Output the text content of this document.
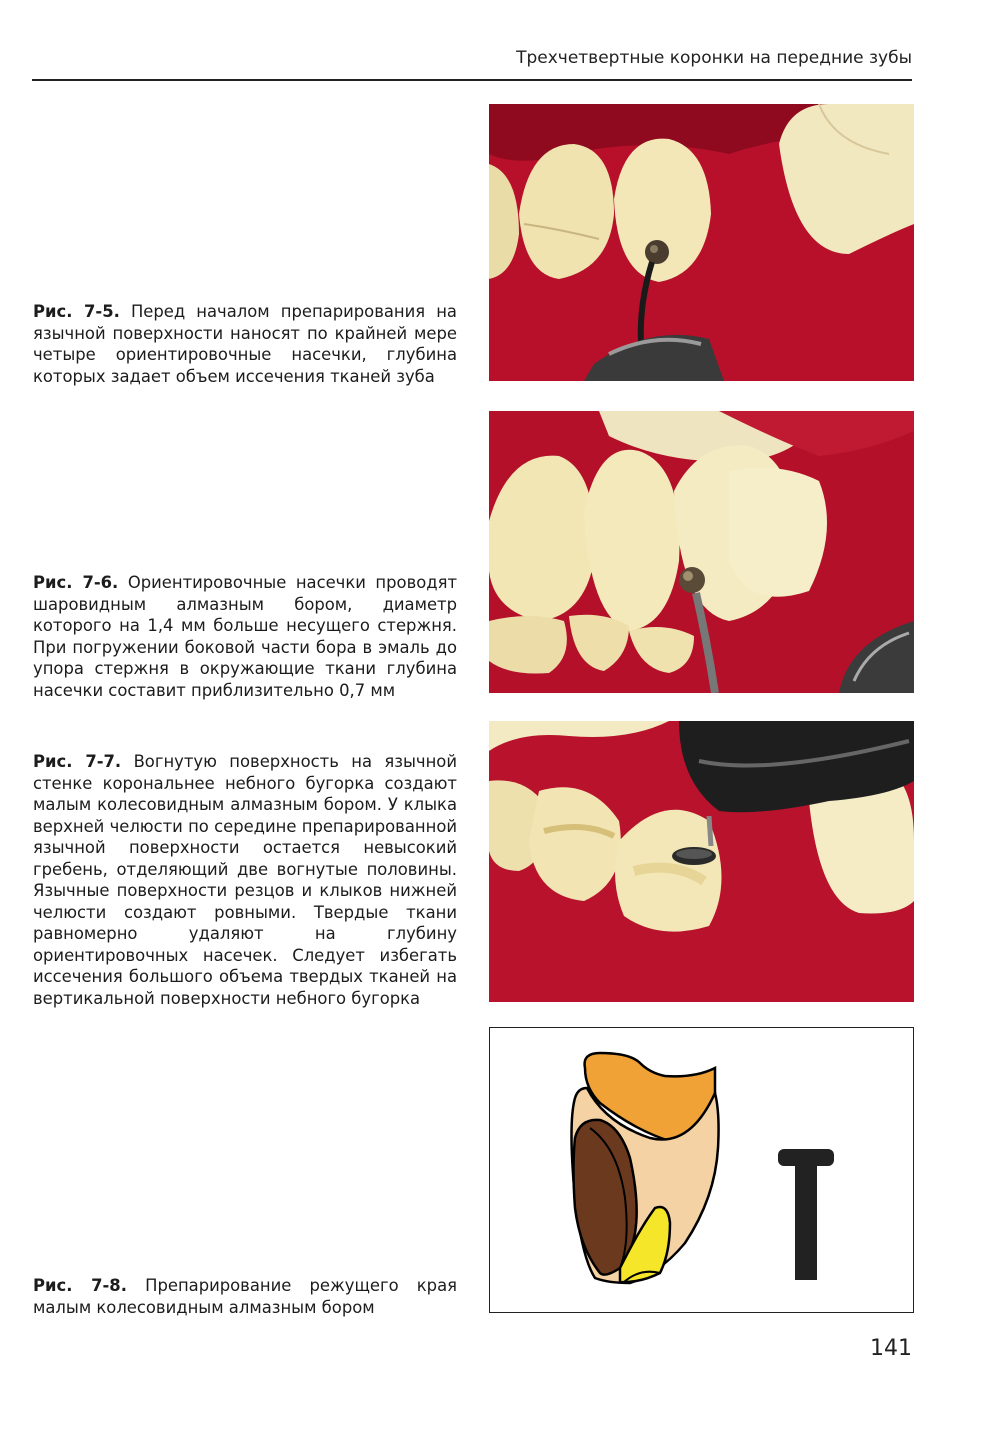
Трехчетвертные коронки на передние зубы
Рис. 7-5. Перед началом препарирования на язычной поверхности наносят по крайней мере четыре ориентировочные насечки, глубина которых задает объем иссечения тканей зуба
Рис. 7-6. Ориентировочные насечки проводят шаровидным алмазным бором, диаметр которого на 1,4 мм больше несущего стержня. При погружении боковой части бора в эмаль до упора стержня в окружающие ткани глубина насечки составит приблизительно 0,7 мм
Рис. 7-7. Вогнутую поверхность на язычной стенке корональнее небного бугорка создают малым колесовидным алмазным бором. У клыка верхней челюсти по середине препарированной язычной поверхности остается невысокий гребень, отделяющий две вогнутые половины. Язычные поверхности резцов и клыков нижней челюсти создают ровными. Твердые ткани равномерно удаляют на глубину ориентировочных насечек. Следует избегать иссечения большого объема твердых тканей на вертикальной поверхности небного бугорка
Рис. 7-8. Препарирование режущего края малым колесовидным алмазным бором
141
